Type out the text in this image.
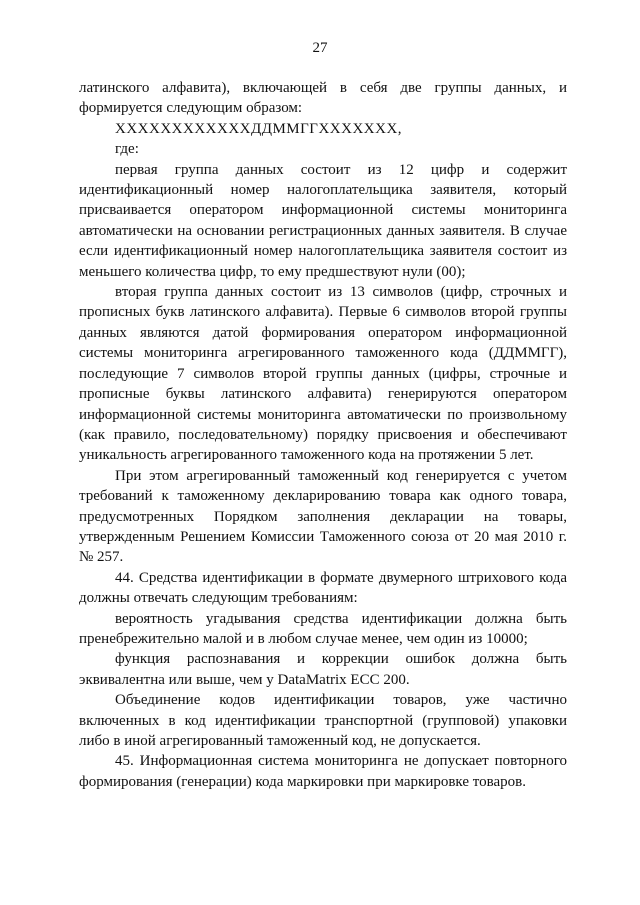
27

латинского алфавита), включающей в себя две группы данных, и формируется следующим образом:

XXXXXXXXXXXXДДММГГXXXXXXX,

где:

первая группа данных состоит из 12 цифр и содержит идентификационный номер налогоплательщика заявителя, который присваивается оператором информационной системы мониторинга автоматически на основании регистрационных данных заявителя. В случае если идентификационный номер налогоплательщика заявителя состоит из меньшего количества цифр, то ему предшествуют нули (00);

вторая группа данных состоит из 13 символов (цифр, строчных и прописных букв латинского алфавита). Первые 6 символов второй группы данных являются датой формирования оператором информационной системы мониторинга агрегированного таможенного кода (ДДММГГ), последующие 7 символов второй группы данных (цифры, строчные и прописные буквы латинского алфавита) генерируются оператором информационной системы мониторинга автоматически по произвольному (как правило, последовательному) порядку присвоения и обеспечивают уникальность агрегированного таможенного кода на протяжении 5 лет.

При этом агрегированный таможенный код генерируется с учетом требований к таможенному декларированию товара как одного товара, предусмотренных Порядком заполнения декларации на товары, утвержденным Решением Комиссии Таможенного союза от 20 мая 2010 г. № 257.

44. Средства идентификации в формате двумерного штрихового кода должны отвечать следующим требованиям:

вероятность угадывания средства идентификации должна быть пренебрежительно малой и в любом случае менее, чем один из 10000;

функция распознавания и коррекции ошибок должна быть эквивалентна или выше, чем у DataMatrix ECC 200.

Объединение кодов идентификации товаров, уже частично включенных в код идентификации транспортной (групповой) упаковки либо в иной агрегированный таможенный код, не допускается.

45. Информационная система мониторинга не допускает повторного формирования (генерации) кода маркировки при маркировке товаров.
